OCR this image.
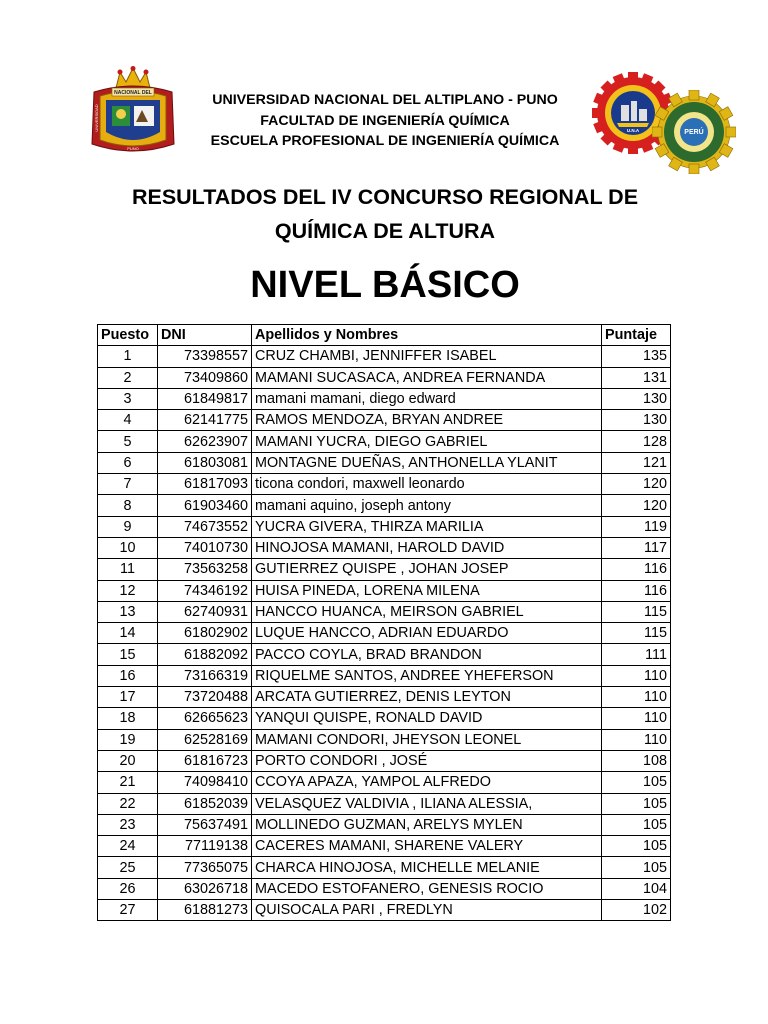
NACIONAL DEL
UNIVERSIDAD
PUNO
U.N.A	PERÚ
UNIVERSIDAD NACIONAL DEL ALTIPLANO - PUNO
FACULTAD DE INGENIERÍA QUÍMICA
ESCUELA PROFESIONAL DE INGENIERÍA QUÍMICA
RESULTADOS DEL IV CONCURSO REGIONAL DE
QUÍMICA DE ALTURA
NIVEL BÁSICO
Puesto	DNI	Apellidos y Nombres	Puntaje
1	73398557	CRUZ CHAMBI, JENNIFFER ISABEL	135
2	73409860	MAMANI SUCASACA, ANDREA FERNANDA	131
3	61849817	mamani mamani, diego edward	130
4	62141775	RAMOS MENDOZA, BRYAN ANDREE	130
5	62623907	MAMANI YUCRA, DIEGO GABRIEL	128
6	61803081	MONTAGNE DUEÑAS, ANTHONELLA YLANIT	121
7	61817093	ticona condori, maxwell leonardo	120
8	61903460	mamani aquino, joseph antony	120
9	74673552	YUCRA GIVERA, THIRZA MARILIA	119
10	74010730	HINOJOSA MAMANI, HAROLD DAVID	117
11	73563258	GUTIERREZ QUISPE , JOHAN JOSEP	116
12	74346192	HUISA PINEDA, LORENA MILENA	116
13	62740931	HANCCO HUANCA, MEIRSON GABRIEL	115
14	61802902	LUQUE HANCCO, ADRIAN EDUARDO	115
15	61882092	PACCO COYLA, BRAD BRANDON	111
16	73166319	RIQUELME SANTOS, ANDREE YHEFERSON	110
17	73720488	ARCATA GUTIERREZ, DENIS LEYTON	110
18	62665623	YANQUI QUISPE, RONALD DAVID	110
19	62528169	MAMANI CONDORI, JHEYSON LEONEL	110
20	61816723	PORTO CONDORI , JOSÉ	108
21	74098410	CCOYA APAZA, YAMPOL ALFREDO	105
22	61852039	VELASQUEZ VALDIVIA , ILIANA ALESSIA,	105
23	75637491	MOLLINEDO GUZMAN, ARELYS MYLEN	105
24	77119138	CACERES MAMANI, SHARENE VALERY	105
25	77365075	CHARCA HINOJOSA, MICHELLE MELANIE	105
26	63026718	MACEDO ESTOFANERO, GENESIS ROCIO	104
27	61881273	QUISOCALA PARI , FREDLYN	102
